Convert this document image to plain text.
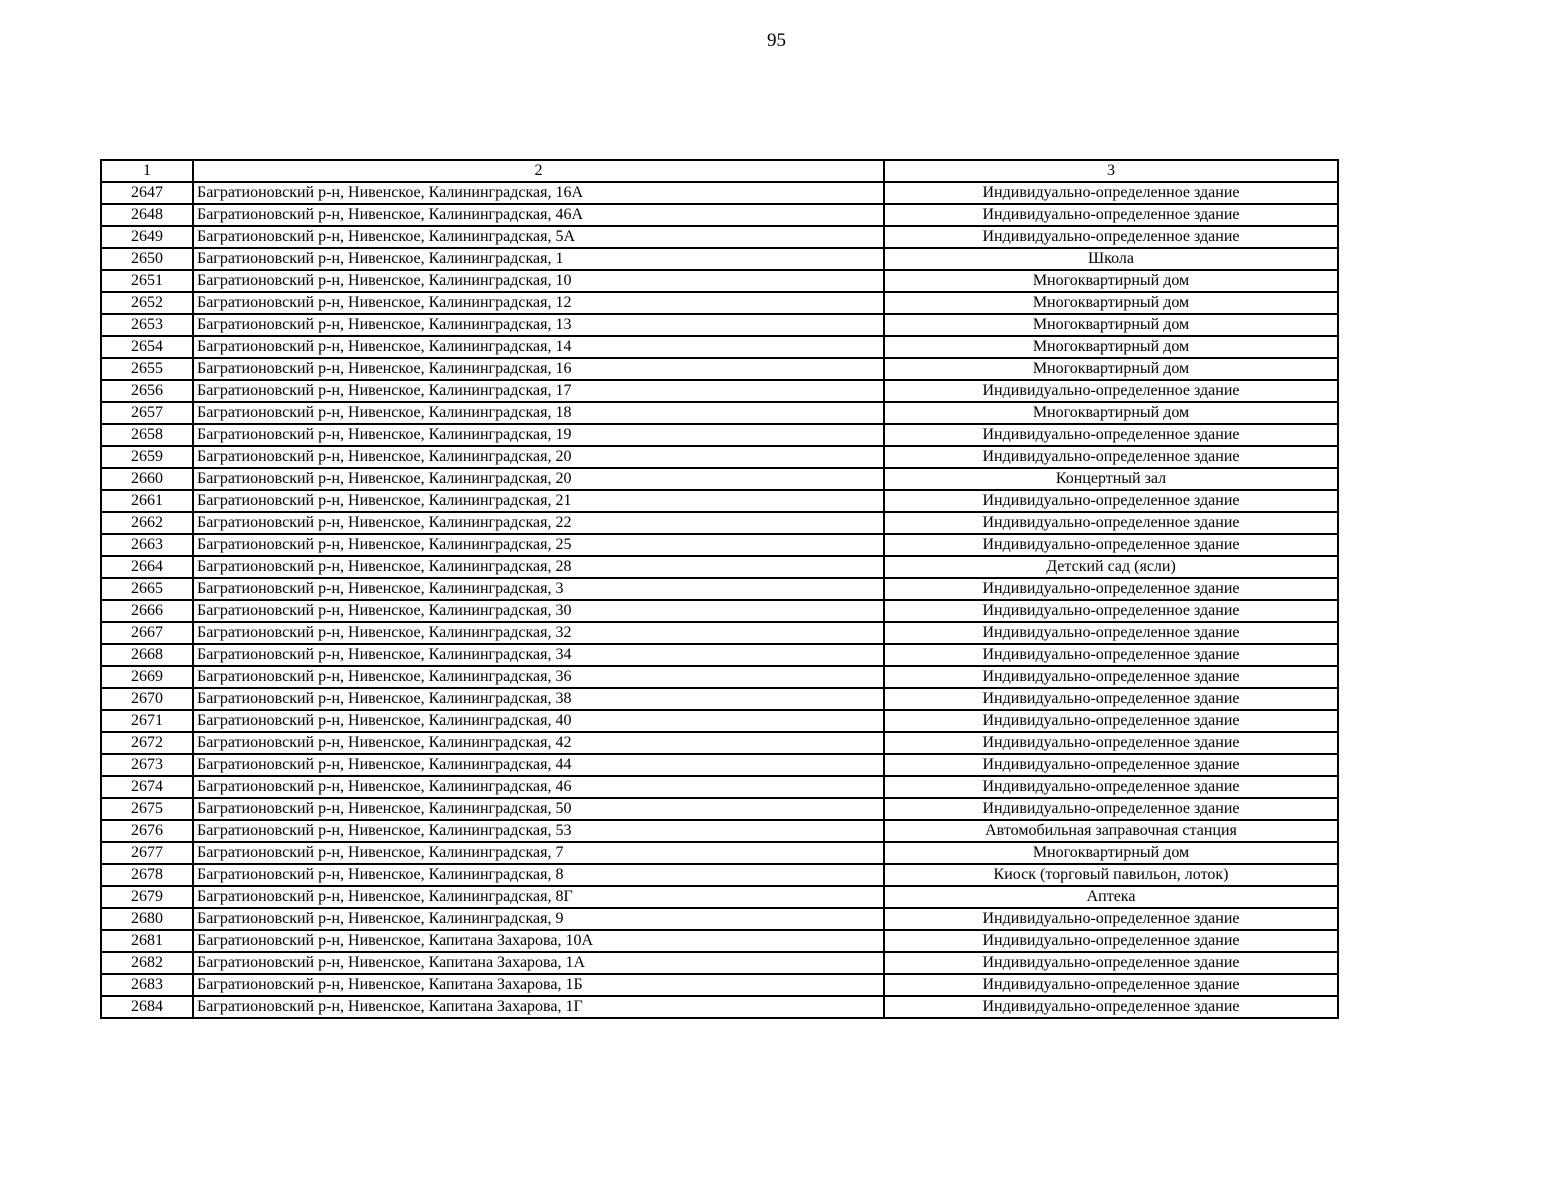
95
1	2	3
2647	Багратионовский р-н, Нивенское, Калининградская, 16А	Индивидуально-определенное здание
2648	Багратионовский р-н, Нивенское, Калининградская, 46А	Индивидуально-определенное здание
2649	Багратионовский р-н, Нивенское, Калининградская, 5А	Индивидуально-определенное здание
2650	Багратионовский р-н, Нивенское, Калининградская, 1	Школа
2651	Багратионовский р-н, Нивенское, Калининградская, 10	Многоквартирный дом
2652	Багратионовский р-н, Нивенское, Калининградская, 12	Многоквартирный дом
2653	Багратионовский р-н, Нивенское, Калининградская, 13	Многоквартирный дом
2654	Багратионовский р-н, Нивенское, Калининградская, 14	Многоквартирный дом
2655	Багратионовский р-н, Нивенское, Калининградская, 16	Многоквартирный дом
2656	Багратионовский р-н, Нивенское, Калининградская, 17	Индивидуально-определенное здание
2657	Багратионовский р-н, Нивенское, Калининградская, 18	Многоквартирный дом
2658	Багратионовский р-н, Нивенское, Калининградская, 19	Индивидуально-определенное здание
2659	Багратионовский р-н, Нивенское, Калининградская, 20	Индивидуально-определенное здание
2660	Багратионовский р-н, Нивенское, Калининградская, 20	Концертный зал
2661	Багратионовский р-н, Нивенское, Калининградская, 21	Индивидуально-определенное здание
2662	Багратионовский р-н, Нивенское, Калининградская, 22	Индивидуально-определенное здание
2663	Багратионовский р-н, Нивенское, Калининградская, 25	Индивидуально-определенное здание
2664	Багратионовский р-н, Нивенское, Калининградская, 28	Детский сад (ясли)
2665	Багратионовский р-н, Нивенское, Калининградская, 3	Индивидуально-определенное здание
2666	Багратионовский р-н, Нивенское, Калининградская, 30	Индивидуально-определенное здание
2667	Багратионовский р-н, Нивенское, Калининградская, 32	Индивидуально-определенное здание
2668	Багратионовский р-н, Нивенское, Калининградская, 34	Индивидуально-определенное здание
2669	Багратионовский р-н, Нивенское, Калининградская, 36	Индивидуально-определенное здание
2670	Багратионовский р-н, Нивенское, Калининградская, 38	Индивидуально-определенное здание
2671	Багратионовский р-н, Нивенское, Калининградская, 40	Индивидуально-определенное здание
2672	Багратионовский р-н, Нивенское, Калининградская, 42	Индивидуально-определенное здание
2673	Багратионовский р-н, Нивенское, Калининградская, 44	Индивидуально-определенное здание
2674	Багратионовский р-н, Нивенское, Калининградская, 46	Индивидуально-определенное здание
2675	Багратионовский р-н, Нивенское, Калининградская, 50	Индивидуально-определенное здание
2676	Багратионовский р-н, Нивенское, Калининградская, 53	Автомобильная заправочная станция
2677	Багратионовский р-н, Нивенское, Калининградская, 7	Многоквартирный дом
2678	Багратионовский р-н, Нивенское, Калининградская, 8	Киоск (торговый павильон, лоток)
2679	Багратионовский р-н, Нивенское, Калининградская, 8Г	Аптека
2680	Багратионовский р-н, Нивенское, Калининградская, 9	Индивидуально-определенное здание
2681	Багратионовский р-н, Нивенское, Капитана Захарова, 10А	Индивидуально-определенное здание
2682	Багратионовский р-н, Нивенское, Капитана Захарова, 1А	Индивидуально-определенное здание
2683	Багратионовский р-н, Нивенское, Капитана Захарова, 1Б	Индивидуально-определенное здание
2684	Багратионовский р-н, Нивенское, Капитана Захарова, 1Г	Индивидуально-определенное здание
